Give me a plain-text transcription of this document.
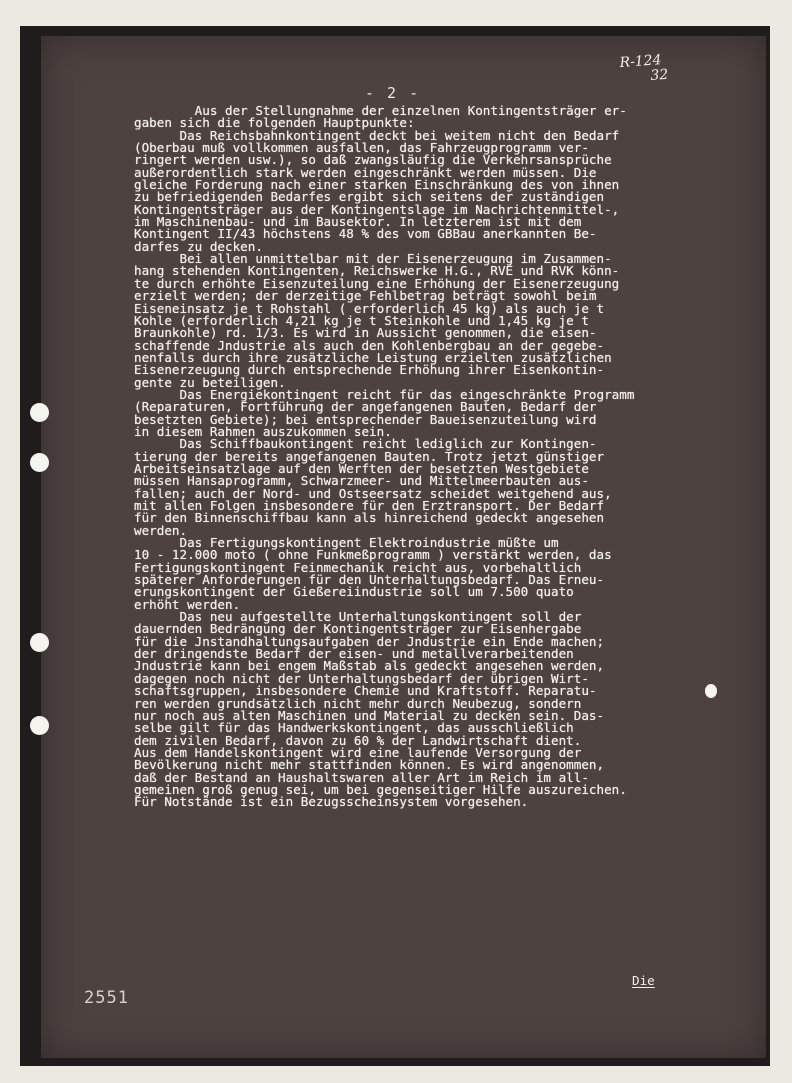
- 2 -
R-124
32
Aus der Stellungnahme der einzelnen Kontingentsträger er-
gaben sich die folgenden Hauptpunkte:
Das Reichsbahnkontingent deckt bei weitem nicht den Bedarf
(Oberbau muß vollkommen ausfallen, das Fahrzeugprogramm ver-
ringert werden usw.), so daß zwangsläufig die Verkehrsansprüche
außerordentlich stark werden eingeschränkt werden müssen. Die
gleiche Forderung nach einer starken Einschränkung des von ihnen
zu befriedigenden Bedarfes ergibt sich seitens der zuständigen
Kontingentsträger aus der Kontingentslage im Nachrichtenmittel-,
im Maschinenbau- und im Bausektor. In letzterem ist mit dem
Kontingent II/43 höchstens 48 % des vom GBBau anerkannten Be-
darfes zu decken.
Bei allen unmittelbar mit der Eisenerzeugung im Zusammen-
hang stehenden Kontingenten, Reichswerke H.G., RVE und RVK könn-
te durch erhöhte Eisenzuteilung eine Erhöhung der Eisenerzeugung
erzielt werden; der derzeitige Fehlbetrag beträgt sowohl beim
Eiseneinsatz je t Rohstahl ( erforderlich 45 kg) als auch je t
Kohle (erforderlich 4,21 kg je t Steinkohle und 1,45 kg je t
Braunkohle) rd. 1/3. Es wird in Aussicht genommen, die eisen-
schaffende Jndustrie als auch den Kohlenbergbau an der gegebe-
nenfalls durch ihre zusätzliche Leistung erzielten zusätzlichen
Eisenerzeugung durch entsprechende Erhöhung ihrer Eisenkontin-
gente zu beteiligen.
Das Energiekontingent reicht für das eingeschränkte Programm
(Reparaturen, Fortführung der angefangenen Bauten, Bedarf der
besetzten Gebiete); bei entsprechender Baueisenzuteilung wird
in diesem Rahmen auszukommen sein.
Das Schiffbaukontingent reicht lediglich zur Kontingen-
tierung der bereits angefangenen Bauten. Trotz jetzt günstiger
Arbeitseinsatzlage auf den Werften der besetzten Westgebiete
müssen Hansaprogramm, Schwarzmeer- und Mittelmeerbauten aus-
fallen; auch der Nord- und Ostseersatz scheidet weitgehend aus,
mit allen Folgen insbesondere für den Erztransport. Der Bedarf
für den Binnenschiffbau kann als hinreichend gedeckt angesehen
werden.
Das Fertigungskontingent Elektroindustrie müßte um
10 - 12.000 moto ( ohne Funkmeßprogramm ) verstärkt werden, das
Fertigungskontingent Feinmechanik reicht aus, vorbehaltlich
späterer Anforderungen für den Unterhaltungsbedarf. Das Erneu-
erungskontingent der Gießereiindustrie soll um 7.500 quato
erhöht werden.
Das neu aufgestellte Unterhaltungskontingent soll der
dauernden Bedrängung der Kontingentsträger zur Eisenhergabe
für die Jnstandhaltungsaufgaben der Jndustrie ein Ende machen;
der dringendste Bedarf der eisen- und metallverarbeitenden
Jndustrie kann bei engem Maßstab als gedeckt angesehen werden,
dagegen noch nicht der Unterhaltungsbedarf der übrigen Wirt-
schaftsgruppen, insbesondere Chemie und Kraftstoff. Reparatu-
ren werden grundsätzlich nicht mehr durch Neubezug, sondern
nur noch aus alten Maschinen und Material zu decken sein. Das-
selbe gilt für das Handwerkskontingent, das ausschließlich
dem zivilen Bedarf, davon zu 60 % der Landwirtschaft dient.
Aus dem Handelskontingent wird eine laufende Versorgung der
Bevölkerung nicht mehr stattfinden können. Es wird angenommen,
daß der Bestand an Haushaltswaren aller Art im Reich im all-
gemeinen groß genug sei, um bei gegenseitiger Hilfe auszureichen.
Für Notstände ist ein Bezugsscheinsystem vorgesehen.
Die
2551
